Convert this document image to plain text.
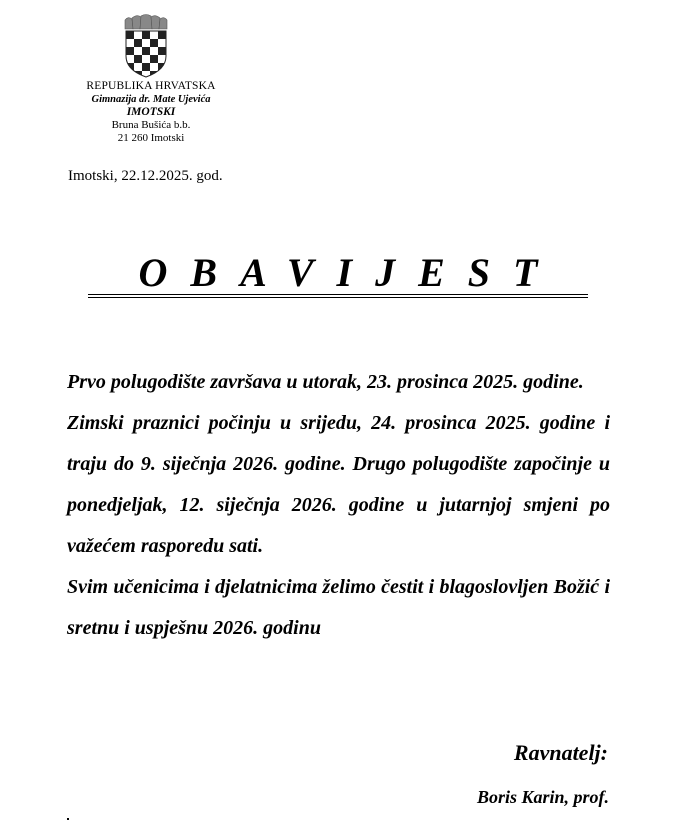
REPUBLIKA HRVATSKA
Gimnazija dr. Mate Ujevića
IMOTSKI
Bruna Bušića b.b.
21 260 Imotski
Imotski, 22.12.2025. god.
OBAVIJEST

Prvo polugodište završava u utorak, 23. prosinca 2025. godine.

Zimski praznici počinju u srijedu, 24. prosinca 2025. godine i traju do 9. siječnja 2026. godine. Drugo polugodište započinje u ponedjeljak, 12. siječnja 2026. godine u jutarnjoj smjeni po važećem rasporedu sati.

Svim učenicima i djelatnicima želimo čestit i blagoslovljen Božić i sretnu i uspješnu 2026. godinu

Ravnatelj:
Boris Karin, prof.
